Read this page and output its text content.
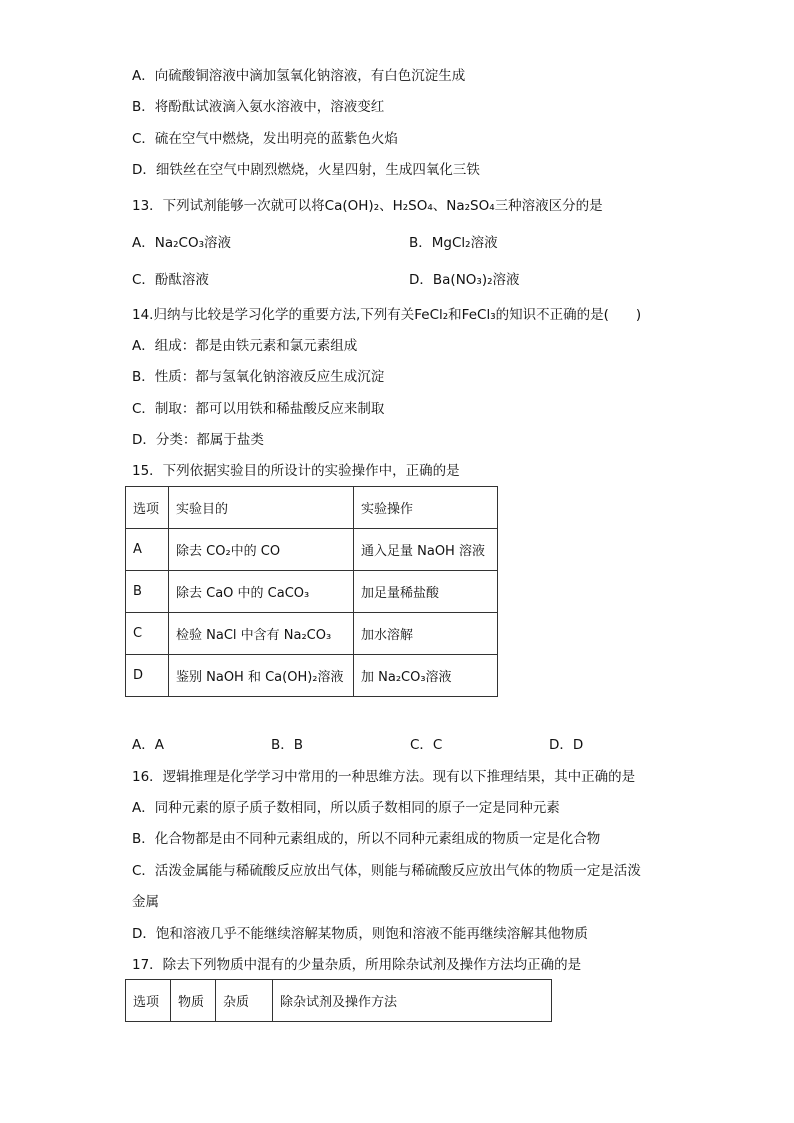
A．向硫酸铜溶液中滴加氢氧化钠溶液，有白色沉淀生成
B．将酚酞试液滴入氨水溶液中，溶液变红
C．硫在空气中燃烧，发出明亮的蓝紫色火焰
D．细铁丝在空气中剧烈燃烧，火星四射，生成四氧化三铁
13．下列试剂能够一次就可以将Ca(OH)₂、H₂SO₄、Na₂SO₄三种溶液区分的是
A．Na₂CO₃溶液	B．MgCl₂溶液
C．酚酞溶液	D．Ba(NO₃)₂溶液
14.归纳与比较是学习化学的重要方法,下列有关FeCl₂和FeCl₃的知识不正确的是(　　)
A．组成：都是由铁元素和氯元素组成
B．性质：都与氢氧化钠溶液反应生成沉淀
C．制取：都可以用铁和稀盐酸反应来制取
D．分类：都属于盐类
15．下列依据实验目的所设计的实验操作中，正确的是
选项	实验目的	实验操作
A	除去 CO₂中的 CO	通入足量 NaOH 溶液
B	除去 CaO 中的 CaCO₃	加足量稀盐酸
C	检验 NaCl 中含有 Na₂CO₃	加水溶解
D	鉴别 NaOH 和 Ca(OH)₂溶液	加 Na₂CO₃溶液
A．A	B．B	C．C	D．D
16．逻辑推理是化学学习中常用的一种思维方法。现有以下推理结果，其中正确的是
A．同种元素的原子质子数相同，所以质子数相同的原子一定是同种元素
B．化合物都是由不同种元素组成的，所以不同种元素组成的物质一定是化合物
C．活泼金属能与稀硫酸反应放出气体，则能与稀硫酸反应放出气体的物质一定是活泼
金属
D．饱和溶液几乎不能继续溶解某物质，则饱和溶液不能再继续溶解其他物质
17．除去下列物质中混有的少量杂质，所用除杂试剂及操作方法均正确的是
选项	物质	杂质	除杂试剂及操作方法
